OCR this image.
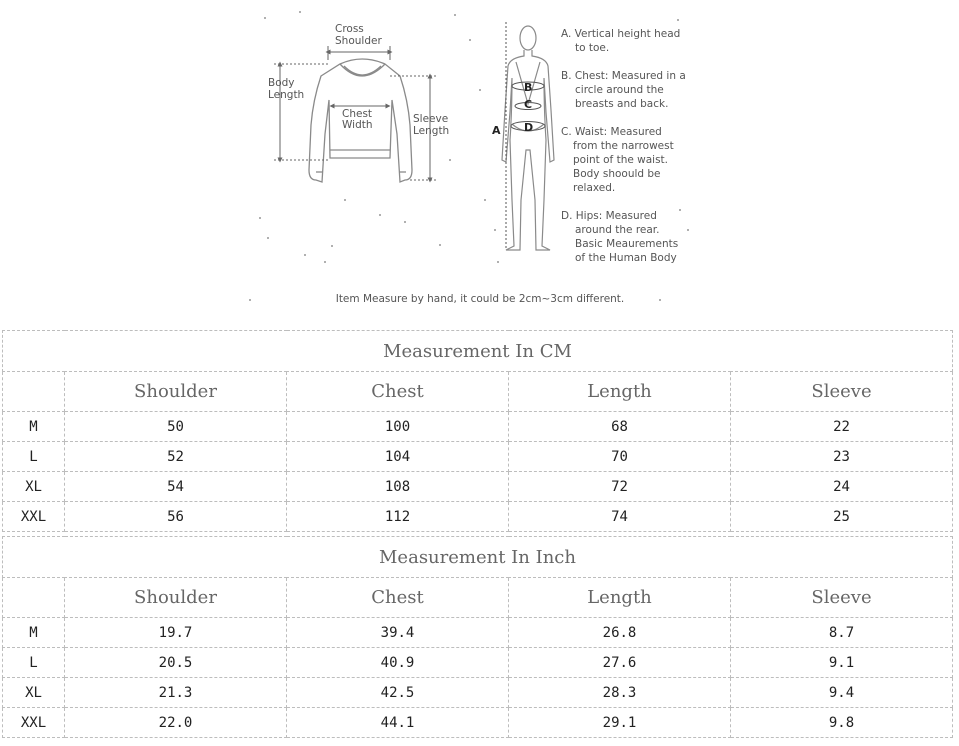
Cross Shoulder
Body Length
Chest Width	Sleeve Length	A
B
C
D
A. Vertical height head to toe.
B. Chest: Measured in a circle around the breasts and back.
C. Waist: Measured from the narrowest point of the waist. Body shoould be relaxed.
D. Hips: Measured around the rear. Basic Meaurements of the Human Body
Item Measure by hand, it could be 2cm~3cm different.
Measurement In CM				
	Shoulder	Chest	Length	Sleeve
M	50	100	68	22
L	52	104	70	23
XL	54	108	72	24
XXL	56	112	74	25
Measurement In Inch				
	Shoulder	Chest	Length	Sleeve
M	19.7	39.4	26.8	8.7
L	20.5	40.9	27.6	9.1
XL	21.3	42.5	28.3	9.4
XXL	22.0	44.1	29.1	9.8
